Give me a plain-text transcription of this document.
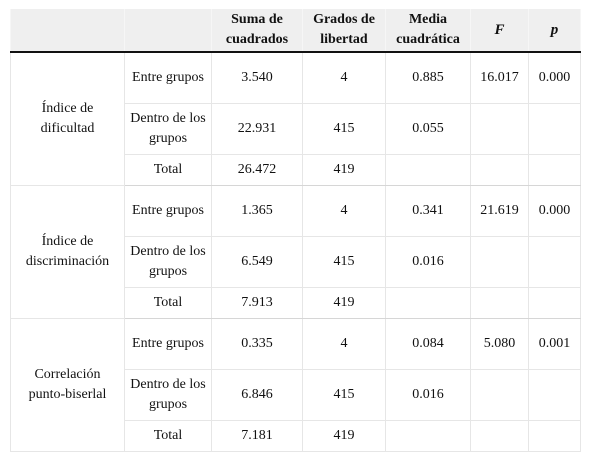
		Suma de cuadrados	Grados de libertad	Media cuadrática	F	p
Índice de dificultad	Entre grupos	3.540	4	0.885	16.017	0.000
	Dentro de los grupos	22.931	415	0.055		
	Total	26.472	419			
Índice de discriminación	Entre grupos	1.365	4	0.341	21.619	0.000
	Dentro de los grupos	6.549	415	0.016		
	Total	7.913	419			
Correlación punto-biserlal	Entre grupos	0.335	4	0.084	5.080	0.001
	Dentro de los grupos	6.846	415	0.016		
	Total	7.181	419			
